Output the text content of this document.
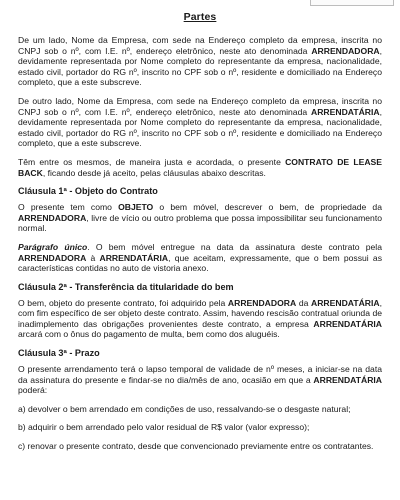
Partes

De um lado, Nome da Empresa, com sede na Endereço completo da empresa, inscrita no CNPJ sob o nº, com I.E. nº, endereço eletrônico, neste ato denominada ARRENDADORA, devidamente representada por Nome completo do representante da empresa, nacionalidade, estado civil, portador do RG nº, inscrito no CPF sob o nº, residente e domiciliado na Endereço completo, que a este subscreve.

De outro lado, Nome da Empresa, com sede na Endereço completo da empresa, inscrita no CNPJ sob o nº, com I.E. nº, endereço eletrônico, neste ato denominada ARRENDATÁRIA, devidamente representada por Nome completo do representante da empresa, nacionalidade, estado civil, portador do RG nº, inscrito no CPF sob o nº, residente e domiciliado na Endereço completo, que a este subscreve.

Têm entre os mesmos, de maneira justa e acordada, o presente CONTRATO DE LEASE BACK, ficando desde já aceito, pelas cláusulas abaixo descritas.

Cláusula 1ª - Objeto do Contrato

O presente tem como OBJETO o bem móvel, descrever o bem, de propriedade da ARRENDADORA, livre de vício ou outro problema que possa impossibilitar seu funcionamento normal.

Parágrafo único. O bem móvel entregue na data da assinatura deste contrato pela ARRENDADORA à ARRENDATÁRIA, que aceitam, expressamente, que o bem possui as características contidas no auto de vistoria anexo.

Cláusula 2ª - Transferência da titularidade do bem

O bem, objeto do presente contrato, foi adquirido pela ARRENDADORA da ARRENDATÁRIA, com fim específico de ser objeto deste contrato. Assim, havendo rescisão contratual oriunda de inadimplemento das obrigações provenientes deste contrato, a empresa ARRENDATÁRIA arcará com o ônus do pagamento de multa, bem como dos aluguéis.

Cláusula 3ª - Prazo

O presente arrendamento terá o lapso temporal de validade de nº meses, a iniciar-se na data da assinatura do presente e findar-se no dia/mês de ano, ocasião em que a ARRENDATÁRIA poderá:

a) devolver o bem arrendado em condições de uso, ressalvando-se o desgaste natural;

b) adquirir o bem arrendado pelo valor residual de R$ valor (valor expresso);

c) renovar o presente contrato, desde que convencionado previamente entre os contratantes.
